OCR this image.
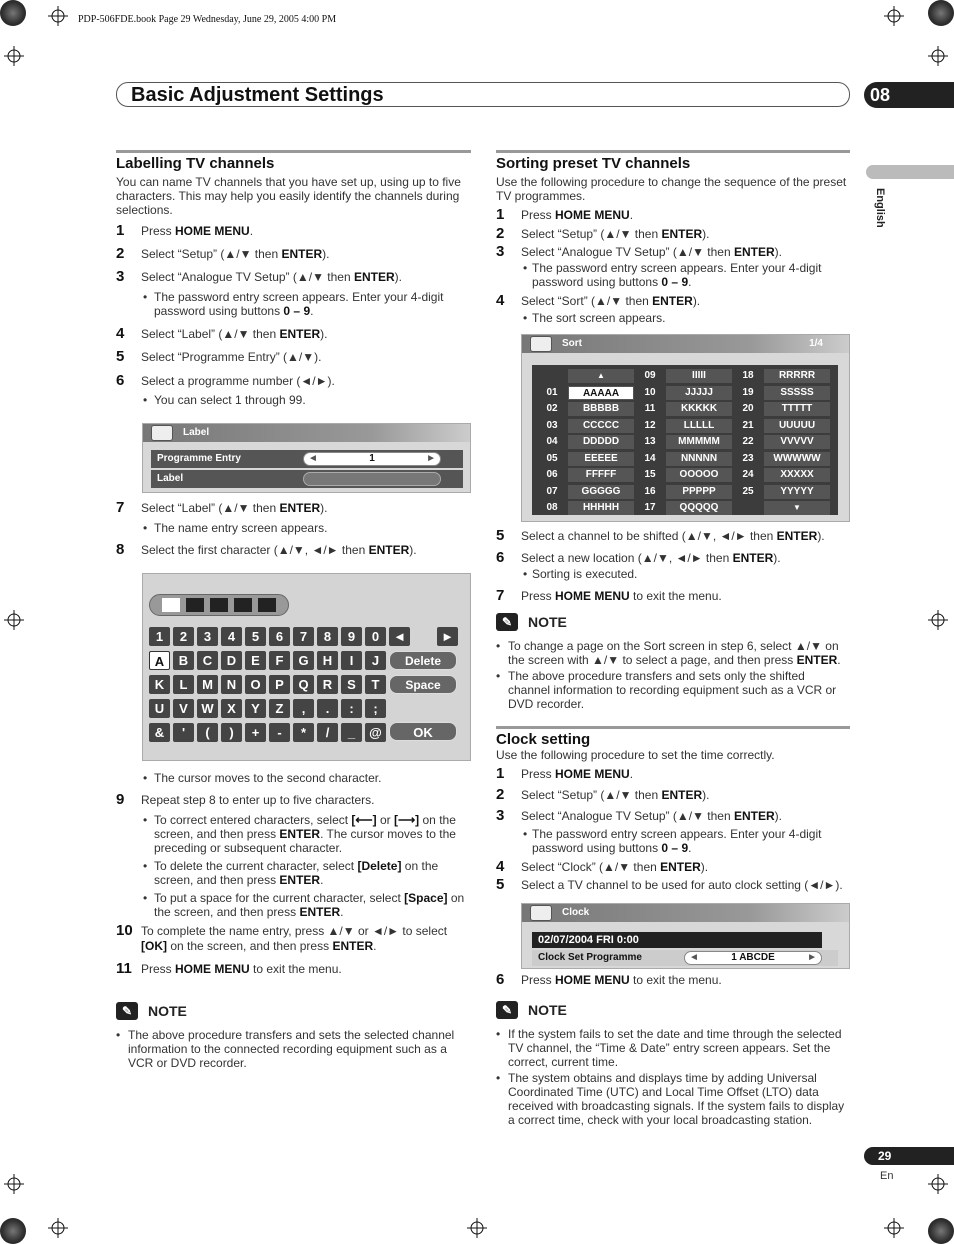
PDP-506FDE.book Page 29 Wednesday, June 29, 2005 4:00 PM
Basic Adjustment Settings	08
English
Labelling TV channels
You can name TV channels that you have set up, using up to five characters. This may help you easily identify the channels during selections.
1 Press HOME MENU.
2 Select “Setup” (▲/▼ then ENTER).
3 Select “Analogue TV Setup” (▲/▼ then ENTER).
• The password entry screen appears. Enter your 4-digit password using buttons 0 – 9.
4 Select “Label” (▲/▼ then ENTER).
5 Select “Programme Entry” (▲/▼).
6 Select a programme number (◄/►).
• You can select 1 through 99.
Label
Programme Entry	◄	1	►
Label
7 Select “Label” (▲/▼ then ENTER).
• The name entry screen appears.
8 Select the first character (▲/▼, ◄/► then ENTER).
1	2	3	4	5	6	7	8	9	0
A	B	C	D	E	F	G	H	I	J
K	L	M	N	O	P	Q	R	S	T
U	V	W	X	Y	Z	,	.	:	;
&	'	(	)	+	-	*	/	_	@
◄	►
Delete
Space
OK
• The cursor moves to the second character.
9 Repeat step 8 to enter up to five characters.
• To correct entered characters, select [⟵] or [⟶] on the screen, and then press ENTER. The cursor moves to the preceding or subsequent character.
• To delete the current character, select [Delete] on the screen, and then press ENTER.
• To put a space for the current character, select [Space] on the screen, and then press ENTER.
10 To complete the name entry, press ▲/▼ or ◄/► to select [OK] on the screen, and then press ENTER.
11 Press HOME MENU to exit the menu.
✎	NOTE
• The above procedure transfers and sets the selected channel information to the connected recording equipment such as a VCR or DVD recorder.
Sorting preset TV channels
Use the following procedure to change the sequence of the preset TV programmes.
1 Press HOME MENU.
2 Select “Setup” (▲/▼ then ENTER).
3 Select “Analogue TV Setup” (▲/▼ then ENTER).
• The password entry screen appears. Enter your 4-digit password using buttons 0 – 9.
4 Select “Sort” (▲/▼ then ENTER).
• The sort screen appears.
Sort	1/4
01	AAAAA
02	BBBBB
03	CCCCC
04	DDDDD
05	EEEEE
06	FFFFF
07	GGGGG
08	HHHHH
09	IIIII
10	JJJJJ
11	KKKKK
12	LLLLL
13	MMMMM
14	NNNNN
15	OOOOO
16	PPPPP
17	QQQQQ
18	RRRRR
19	SSSSS
20	TTTTT
21	UUUUU
22	VVVVV
23	WWWWW
24	XXXXX
25	YYYYY
▲
▼
5 Select a channel to be shifted (▲/▼, ◄/► then ENTER).
6 Select a new location (▲/▼, ◄/► then ENTER).
• Sorting is executed.
7 Press HOME MENU to exit the menu.
✎	NOTE
• To change a page on the Sort screen in step 6, select ▲/▼ on the screen with ▲/▼ to select a page, and then press ENTER.
• The above procedure transfers and sets only the shifted channel information to recording equipment such as a VCR or DVD recorder.
Clock setting
Use the following procedure to set the time correctly.
1 Press HOME MENU.
2 Select “Setup” (▲/▼ then ENTER).
3 Select “Analogue TV Setup” (▲/▼ then ENTER).
• The password entry screen appears. Enter your 4-digit password using buttons 0 – 9.
4 Select “Clock” (▲/▼ then ENTER).
5 Select a TV channel to be used for auto clock setting (◄/►).
Clock
02/07/2004 FRI 0:00
Clock Set Programme	◄	1 ABCDE	►
6 Press HOME MENU to exit the menu.
✎	NOTE
• If the system fails to set the date and time through the selected TV channel, the “Time & Date” entry screen appears. Set the correct, current time.
• The system obtains and displays time by adding Universal Coordinated Time (UTC) and Local Time Offset (LTO) data received with broadcasting signals. If the system fails to display a correct time, check with your local broadcasting station.
29
En
